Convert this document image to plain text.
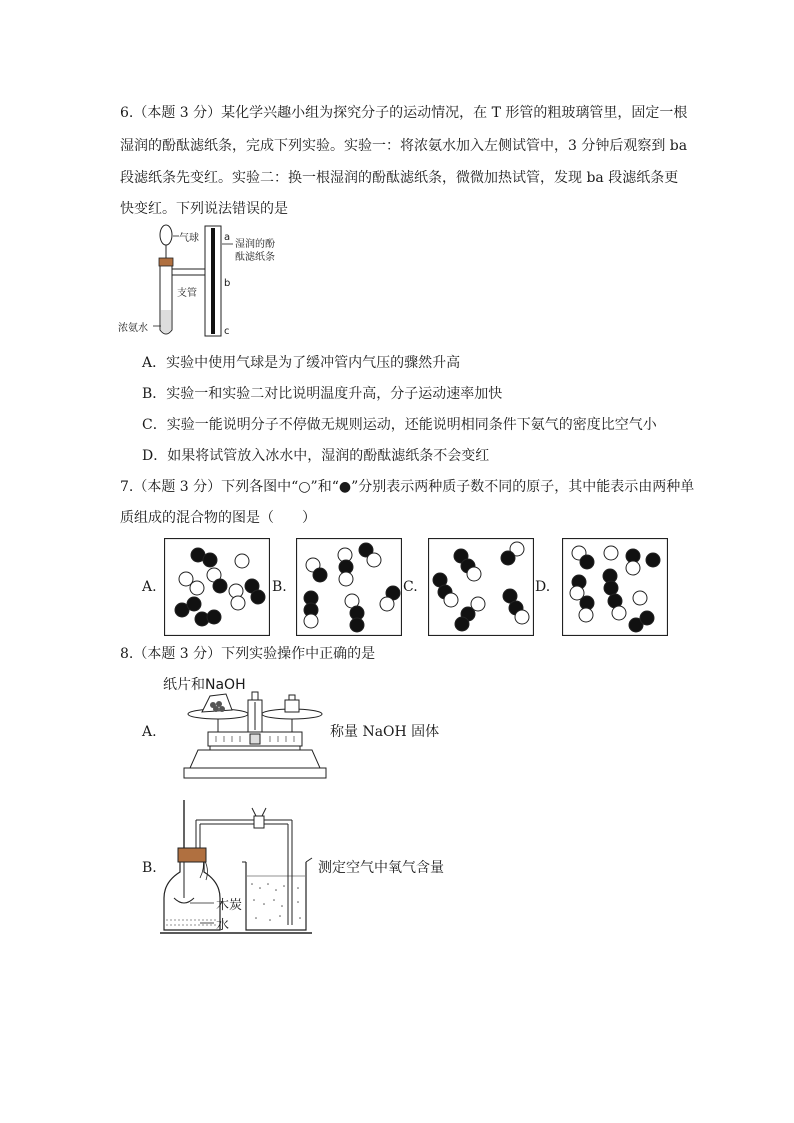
6.（本题 3 分）某化学兴趣小组为探究分子的运动情况，在 T 形管的粗玻璃管里，固定一根
湿润的酚酞滤纸条，完成下列实验。实验一：将浓氨水加入左侧试管中，3 分钟后观察到 ba
段滤纸条先变红。实验二：换一根湿润的酚酞滤纸条，微微加热试管，发现 ba 段滤纸条更
快变红。下列说法错误的是
气球
支管
浓氨水
湿润的酚
酞滤纸条
a
b
c
A．实验中使用气球是为了缓冲管内气压的骤然升高
B．实验一和实验二对比说明温度升高，分子运动速率加快
C．实验一能说明分子不停做无规则运动，还能说明相同条件下氨气的密度比空气小
D．如果将试管放入冰水中，湿润的酚酞滤纸条不会变红
7.（本题 3 分）下列各图中“○”和“●”分别表示两种质子数不同的原子，其中能表示由两种单
质组成的混合物的图是（　　）
A.	B.	C.	D.
8.（本题 3 分）下列实验操作中正确的是
A.
纸片和NaOH
称量 NaOH 固体
B.
木炭
水
测定空气中氧气含量
